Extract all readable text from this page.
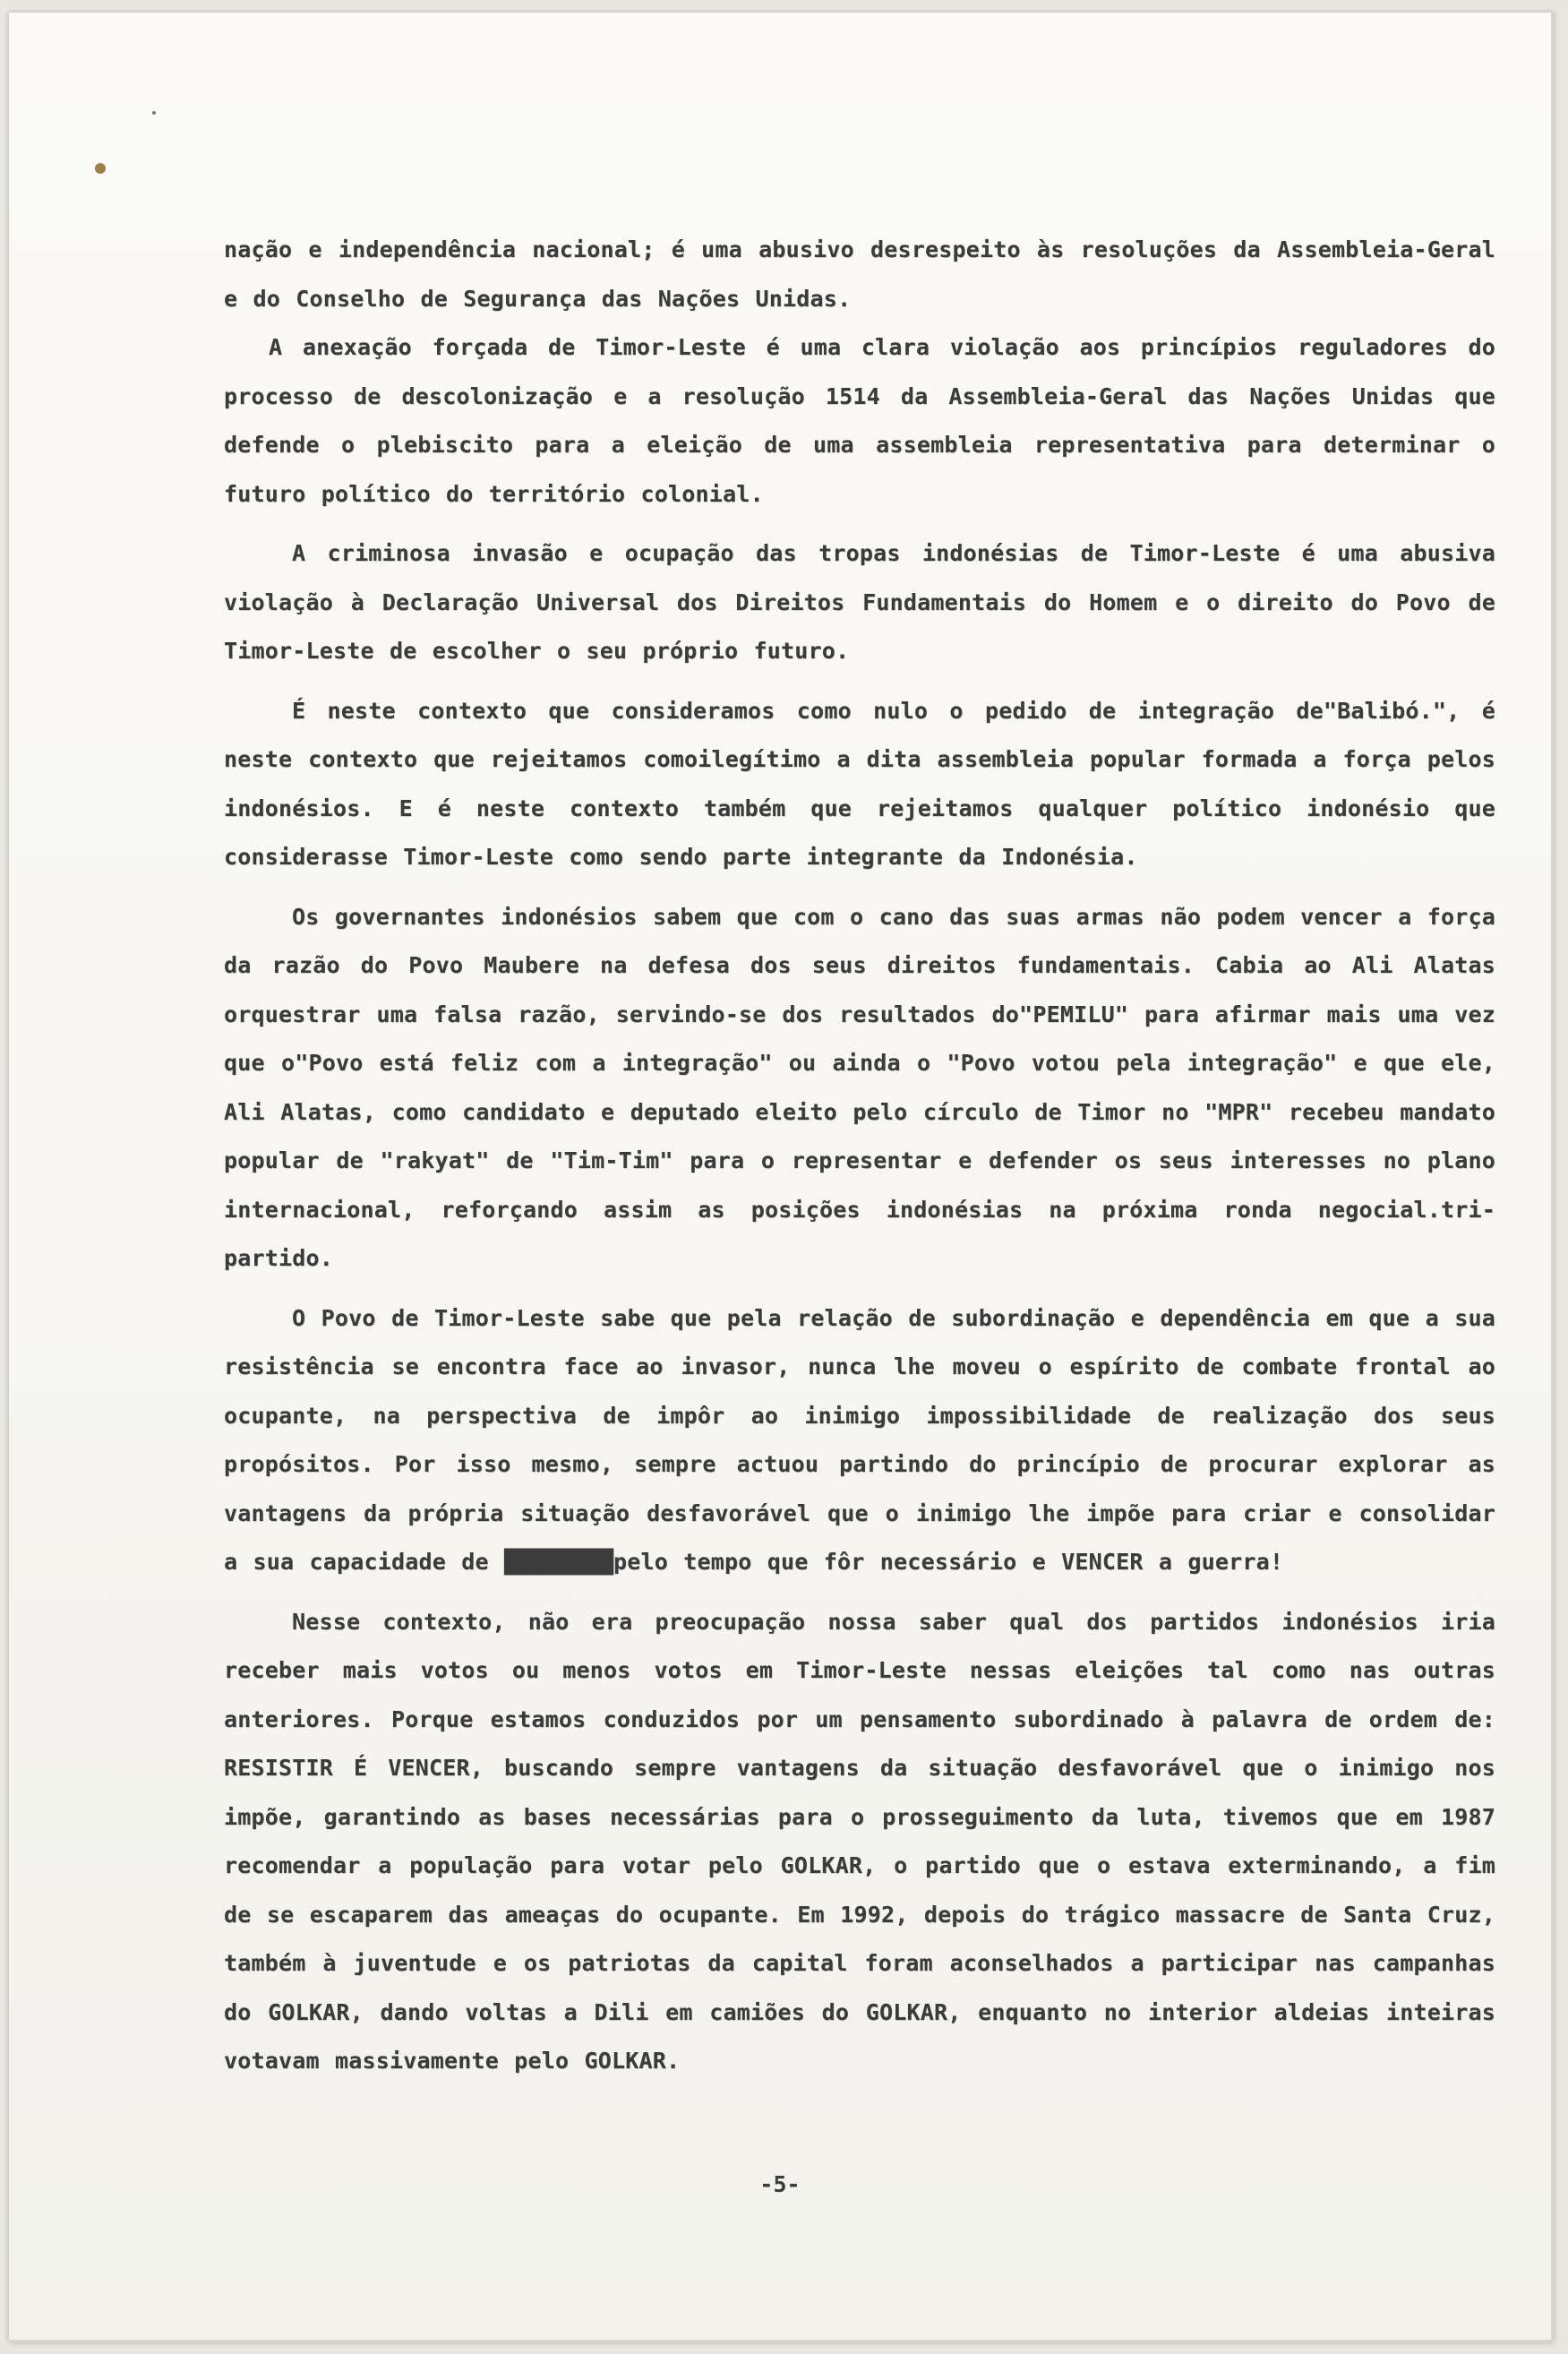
nação e independência nacional; é uma abusivo desrespeito às resoluções da Assembleia-Geral e do Conselho de Segurança das Nações Unidas.

A anexação forçada de Timor-Leste é uma clara violação aos princípios reguladores do processo de descolonização e a resolução 1514 da Assembleia-Geral das Nações Unidas que defende o plebiscito para a eleição de uma assembleia representativa para determinar o futuro político do território colonial.

A criminosa invasão e ocupação das tropas indonésias de Timor-Leste é uma abusiva violação à Declaração Universal dos Direitos Fundamentais do Homem e o direito do Povo de Timor-Leste de escolher o seu próprio futuro.

É neste contexto que consideramos como nulo o pedido de integração de"Balibó.", é neste contexto que rejeitamos comoilegítimo a dita assembleia popular formada a força pelos indonésios. E é neste contexto também que rejeitamos qualquer político indonésio que considerasse Timor-Leste como sendo parte integrante da Indonésia.

Os governantes indonésios sabem que com o cano das suas armas não podem vencer a força da razão do Povo Maubere na defesa dos seus direitos fundamentais. Cabia ao Ali Alatas orquestrar uma falsa razão, servindo-se dos resultados do"PEMILU" para afirmar mais uma vez que o"Povo está feliz com a integração" ou ainda o "Povo votou pela integração" e que ele, Ali Alatas, como candidato e deputado eleito pelo círculo de Timor no "MPR" recebeu mandato popular de "rakyat" de "Tim-Tim" para o representar e defender os seus interesses no plano internacional, reforçando assim as posições indonésias na próxima ronda negocial.tri-partido.

O Povo de Timor-Leste sabe que pela relação de subordinação e dependência em que a sua resistência se encontra face ao invasor, nunca lhe moveu o espírito de combate frontal ao ocupante, na perspectiva de impôr ao inimigo impossibilidade de realização dos seus propósitos. Por isso mesmo, sempre actuou partindo do princípio de procurar explorar as vantagens da própria situação desfavorável que o inimigo lhe impõe para criar e consolidar a sua capacidade de ████████pelo tempo que fôr necessário e VENCER a guerra!

Nesse contexto, não era preocupação nossa saber qual dos partidos indonésios iria receber mais votos ou menos votos em Timor-Leste nessas eleições tal como nas outras anteriores. Porque estamos conduzidos por um pensamento subordinado à palavra de ordem de: RESISTIR É VENCER, buscando sempre vantagens da situação desfavorável que o inimigo nos impõe, garantindo as bases necessárias para o prosseguimento da luta, tivemos que em 1987 recomendar a população para votar pelo GOLKAR, o partido que o estava exterminando, a fim de se escaparem das ameaças do ocupante. Em 1992, depois do trágico massacre de Santa Cruz, também à juventude e os patriotas da capital foram aconselhados a participar nas campanhas do GOLKAR, dando voltas a Dili em camiões do GOLKAR, enquanto no interior aldeias inteiras votavam massivamente pelo GOLKAR.

-5-
